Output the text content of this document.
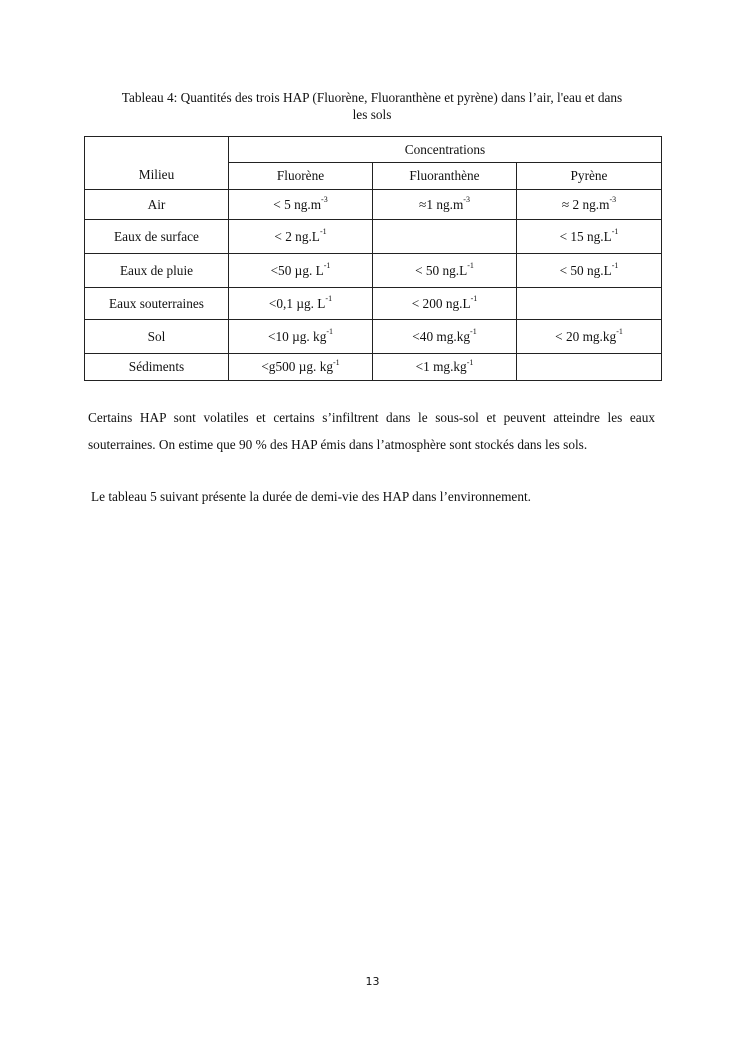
Tableau 4: Quantités des trois HAP (Fluorène, Fluoranthène et pyrène) dans l’air, l'eau et dans
les sols
Milieu	Concentrations		
	Fluorène	Fluoranthène	Pyrène
Air	< 5 $ng.m^{-3}$	≈1 $ng.m^{-3}$	≈ 2 $ng.m^{-3}$
Eaux de surface	< 2 $ng.L^{-1}$		< 15 $ng.L^{-1}$
Eaux de pluie	<50 µg. $L^{-1}$	< 50 $ng.L^{-1}$	< 50 $ng.L^{-1}$
Eaux souterraines	<0,1 µg. $L^{-1}$	< 200 $ng.L^{-1}$	
Sol	<10 µg. $kg^{-1}$	<40 $mg.kg^{-1}$	< 20 $mg.kg^{-1}$
Sédiments	<g500 µg. $kg^{-1}$	<1 $mg.kg^{-1}$	

Certains HAP sont volatiles et certains s’infiltrent dans le sous-sol et peuvent atteindre les eaux souterraines. On estime que 90 % des HAP émis dans l’atmosphère sont stockés dans les sols.

Le tableau 5 suivant présente la durée de demi-vie des HAP dans l’environnement.

13
